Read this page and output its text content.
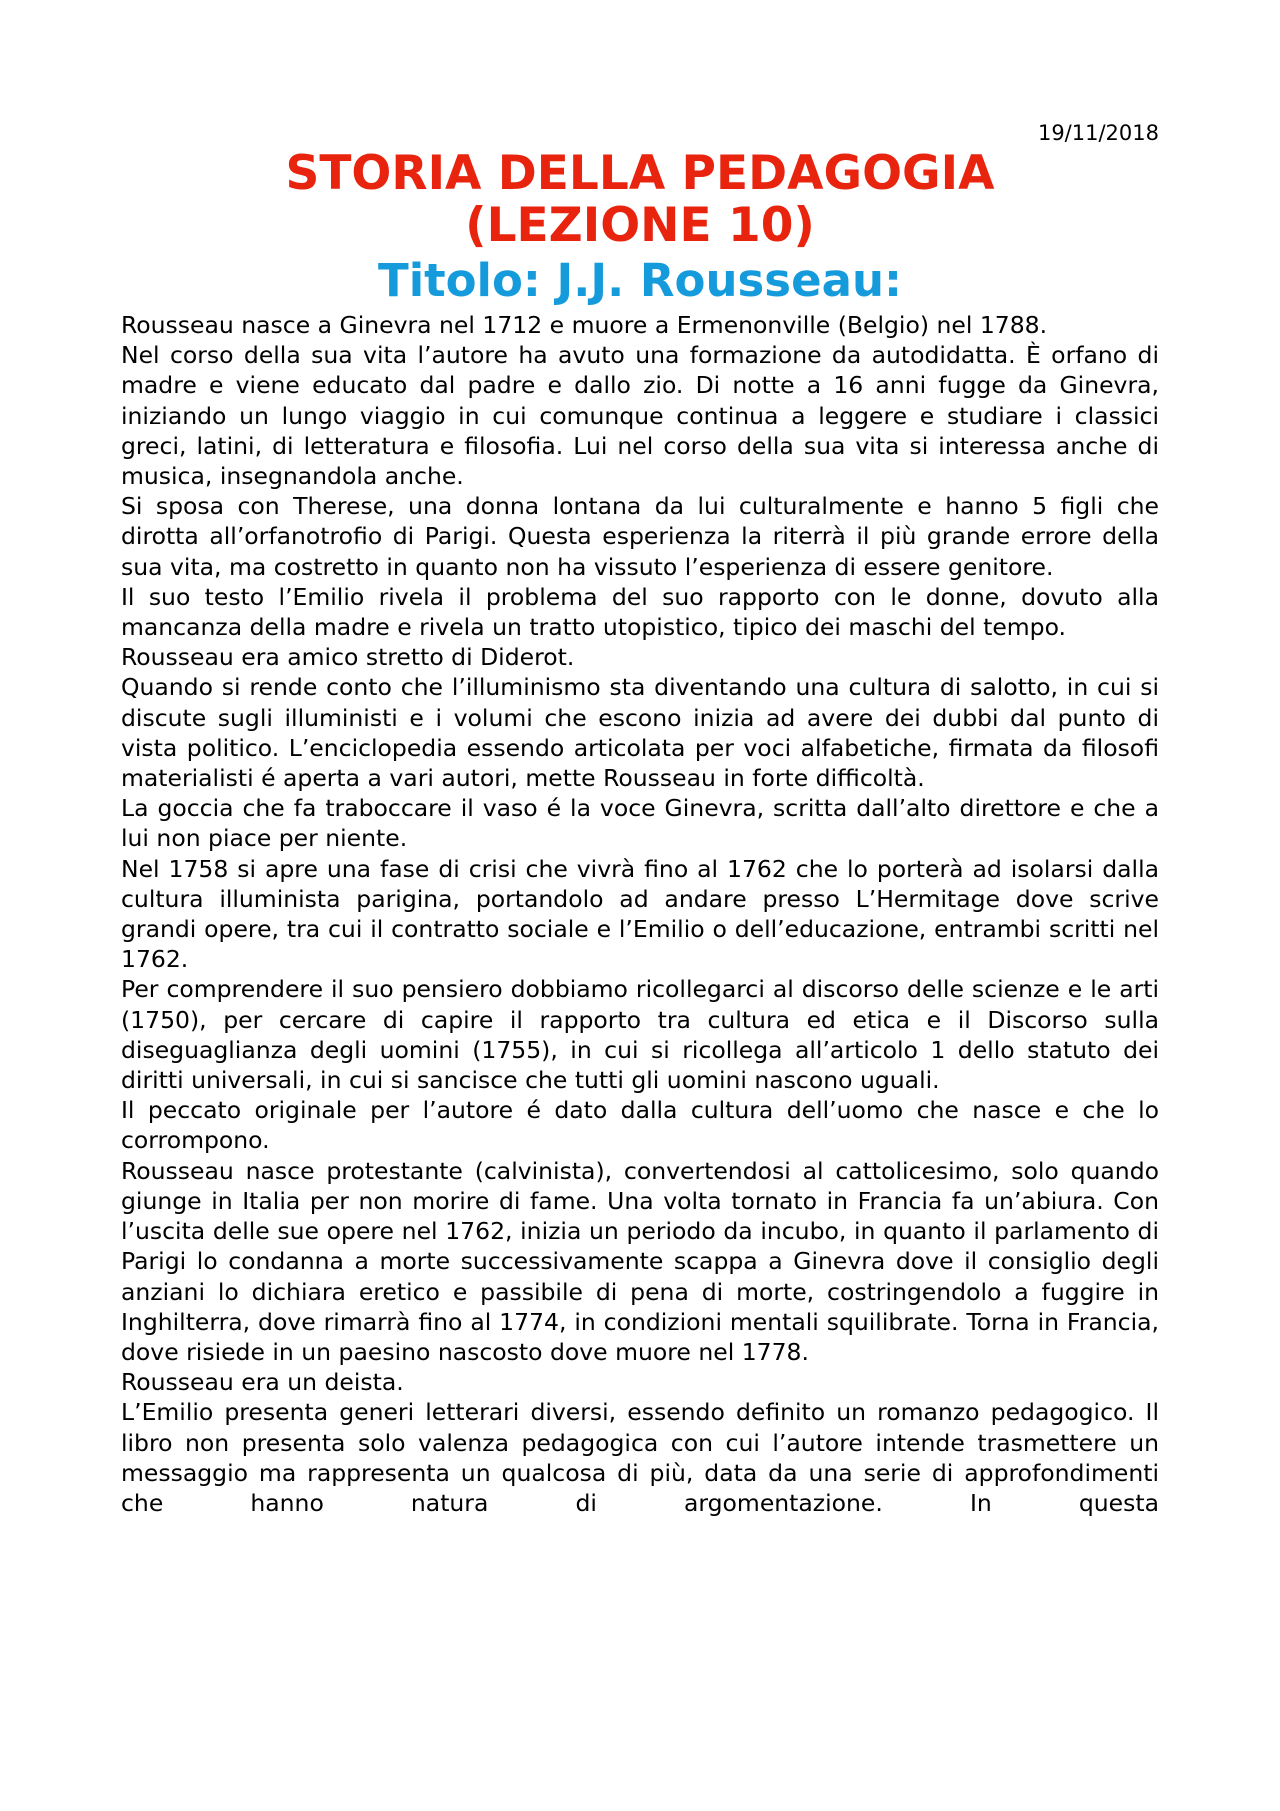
19/11/2018

STORIA DELLA PEDAGOGIA (LEZIONE 10)
Titolo: J.J. Rousseau:

Rousseau nasce a Ginevra nel 1712 e muore a Ermenonville (Belgio) nel 1788.

Nel corso della sua vita l’autore ha avuto una formazione da autodidatta. È orfano di madre e viene educato dal padre e dallo zio. Di notte a 16 anni fugge da Ginevra, iniziando un lungo viaggio in cui comunque continua a leggere e studiare i classici greci, latini, di letteratura e filosofia. Lui nel corso della sua vita si interessa anche di musica, insegnandola anche.

Si sposa con Therese, una donna lontana da lui culturalmente e hanno 5 figli che dirotta all’orfanotrofio di Parigi. Questa esperienza la riterrà il più grande errore della sua vita, ma costretto in quanto non ha vissuto l’esperienza di essere genitore.

Il suo testo l’Emilio rivela il problema del suo rapporto con le donne, dovuto alla mancanza della madre e rivela un tratto utopistico, tipico dei maschi del tempo.

Rousseau era amico stretto di Diderot.

Quando si rende conto che l’illuminismo sta diventando una cultura di salotto, in cui si discute sugli illuministi e i volumi che escono inizia ad avere dei dubbi dal punto di vista politico. L’enciclopedia essendo articolata per voci alfabetiche, firmata da filosofi materialisti é aperta a vari autori, mette Rousseau in forte difficoltà.

La goccia che fa traboccare il vaso é la voce Ginevra, scritta dall’alto direttore e che a lui non piace per niente.

Nel 1758 si apre una fase di crisi che vivrà fino al 1762 che lo porterà ad isolarsi dalla cultura illuminista parigina, portandolo ad andare presso L’Hermitage dove scrive grandi opere, tra cui il contratto sociale e l’Emilio o dell’educazione, entrambi scritti nel 1762.

Per comprendere il suo pensiero dobbiamo ricollegarci al discorso delle scienze e le arti (1750), per cercare di capire il rapporto tra cultura ed etica e il Discorso sulla diseguaglianza degli uomini (1755), in cui si ricollega all’articolo 1 dello statuto dei diritti universali, in cui si sancisce che tutti gli uomini nascono uguali.

Il peccato originale per l’autore é dato dalla cultura dell’uomo che nasce e che lo corrompono.

Rousseau nasce protestante (calvinista), convertendosi al cattolicesimo, solo quando giunge in Italia per non morire di fame. Una volta tornato in Francia fa un’abiura. Con l’uscita delle sue opere nel 1762, inizia un periodo da incubo, in quanto il parlamento di Parigi lo condanna a morte successivamente scappa a Ginevra dove il consiglio degli anziani lo dichiara eretico e passibile di pena di morte, costringendolo a fuggire in Inghilterra, dove rimarrà fino al 1774, in condizioni mentali squilibrate. Torna in Francia, dove risiede in un paesino nascosto dove muore nel 1778.

Rousseau era un deista.

L’Emilio presenta generi letterari diversi, essendo definito un romanzo pedagogico. Il libro non presenta solo valenza pedagogica con cui l’autore intende trasmettere un messaggio ma rappresenta un qualcosa di più, data da una serie di approfondimenti che hanno natura di argomentazione. In questa
